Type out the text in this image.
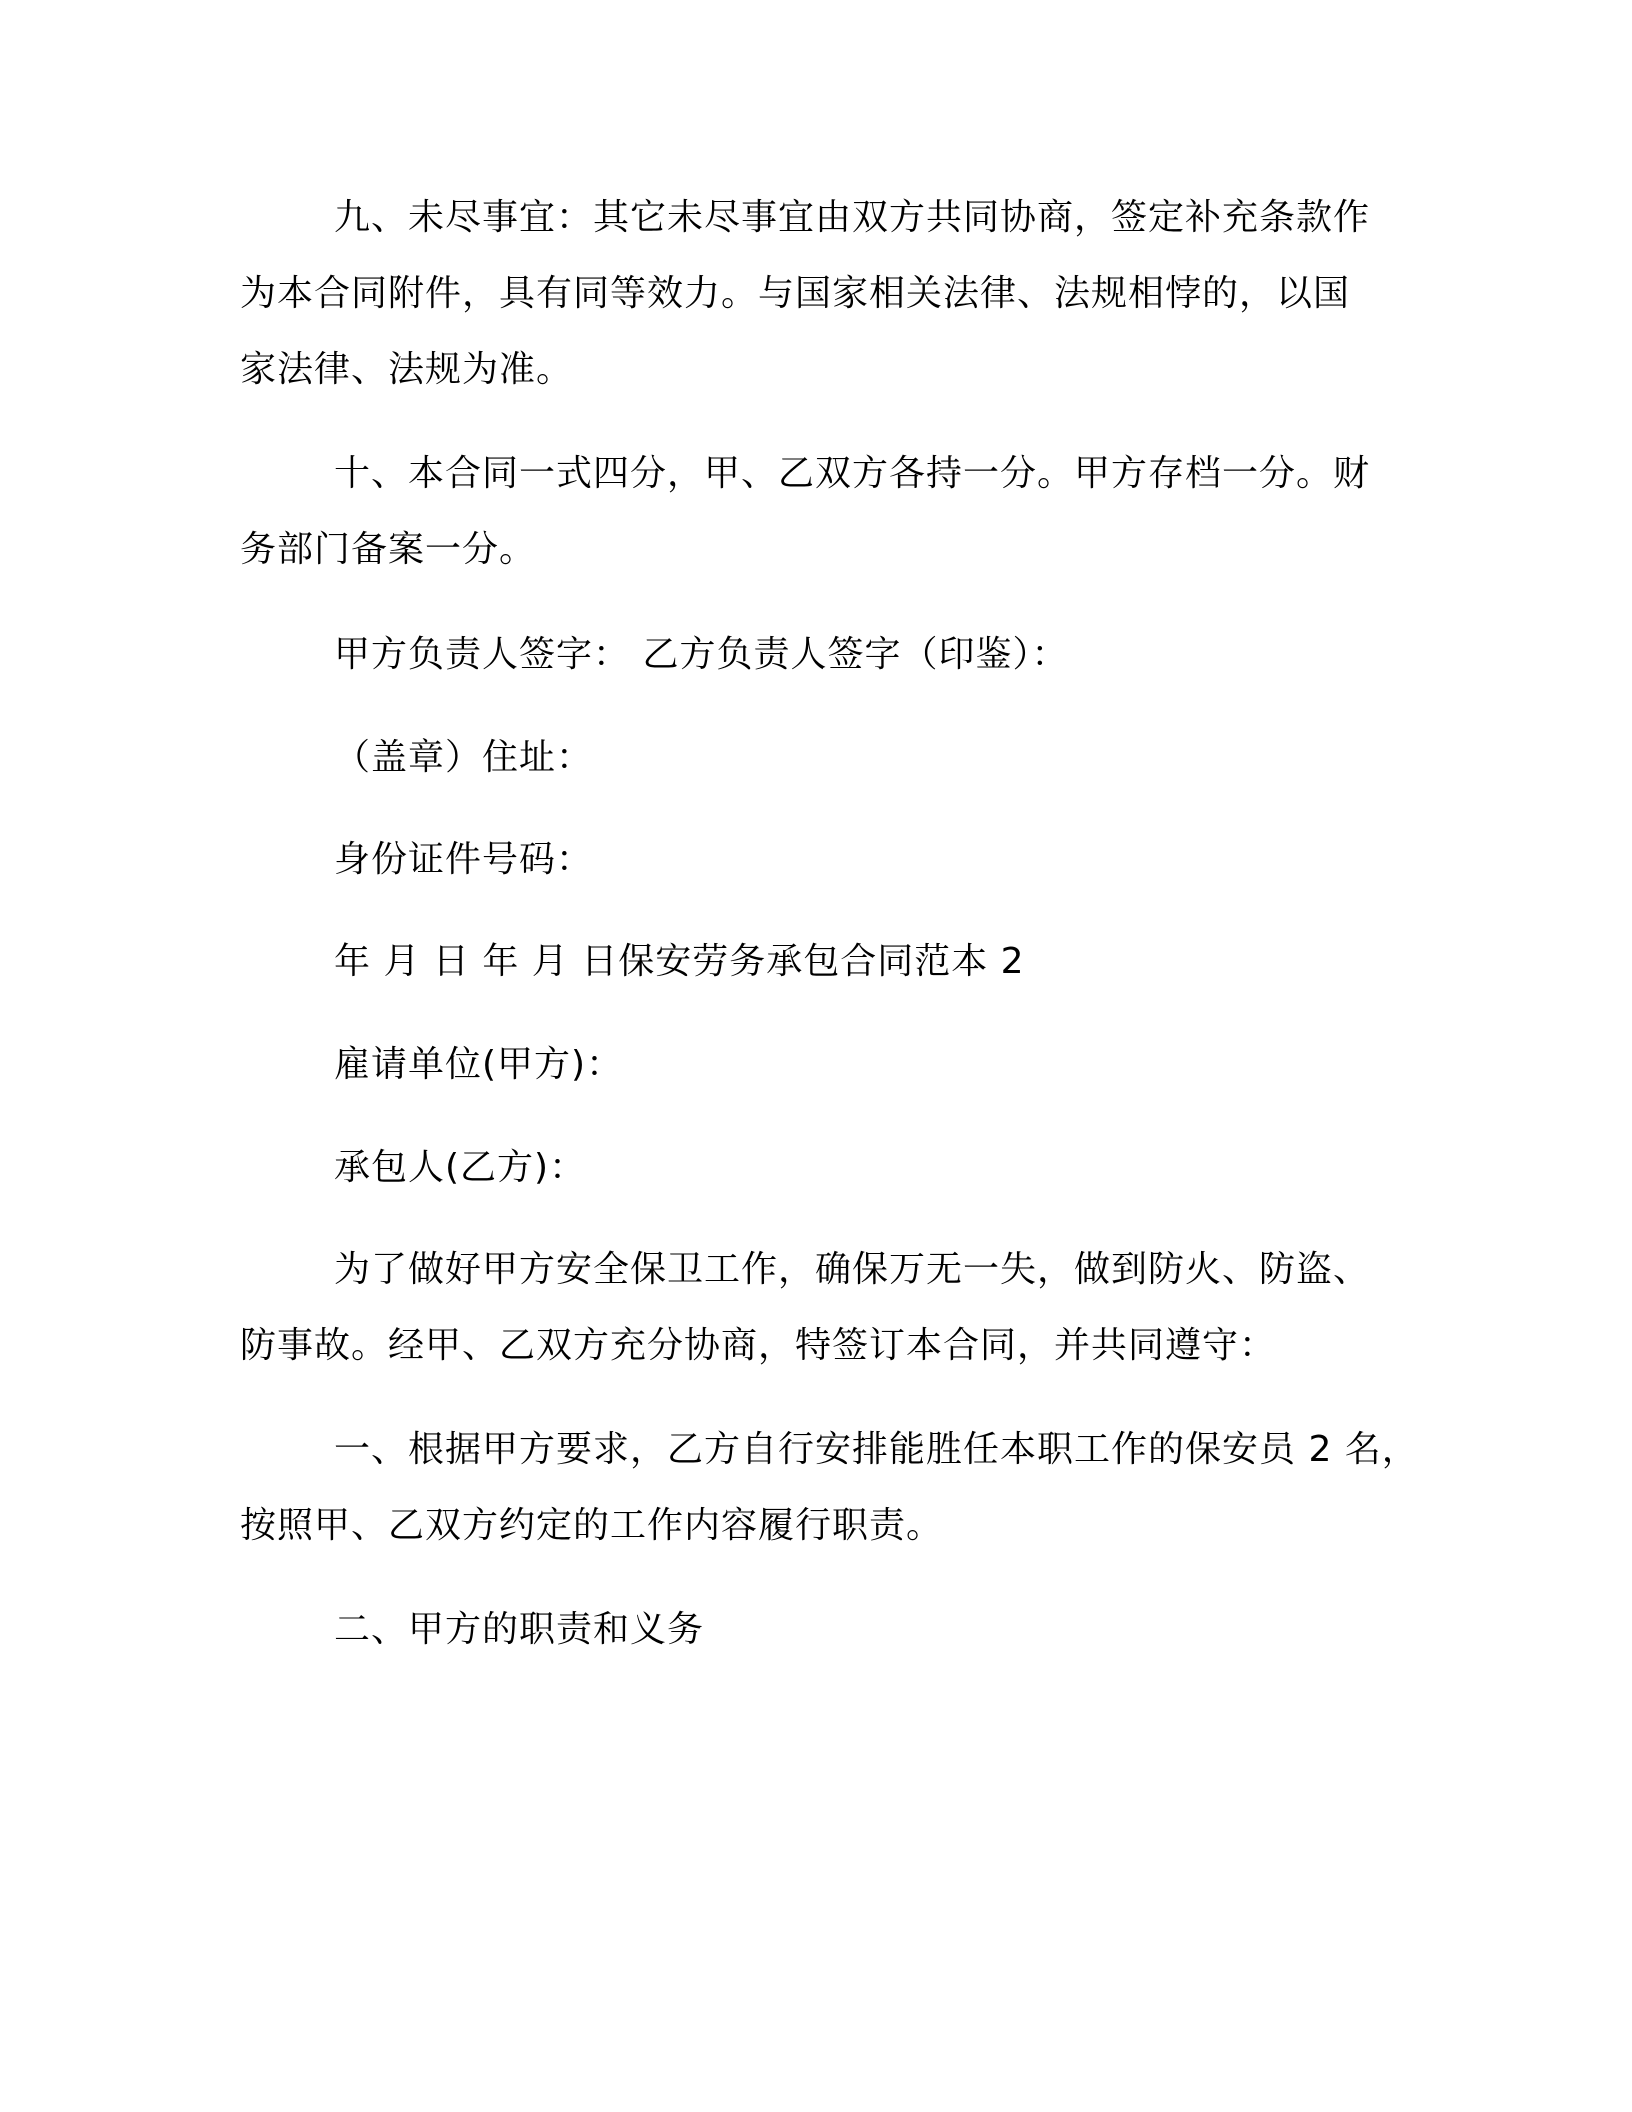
九、未尽事宜：其它未尽事宜由双方共同协商，签定补充条款作
为本合同附件，具有同等效力。与国家相关法律、法规相悖的，以国
家法律、法规为准。
十、本合同一式四分，甲、乙双方各持一分。甲方存档一分。财
务部门备案一分。
甲方负责人签字： 乙方负责人签字（印鉴）：
（盖章）住址：
身份证件号码：
年 月 日 年 月 日保安劳务承包合同范本 2
雇请单位(甲方)：
承包人(乙方)：
为了做好甲方安全保卫工作，确保万无一失，做到防火、防盗、
防事故。经甲、乙双方充分协商，特签订本合同，并共同遵守：
一、根据甲方要求，乙方自行安排能胜任本职工作的保安员 2 名，
按照甲、乙双方约定的工作内容履行职责。
二、甲方的职责和义务
